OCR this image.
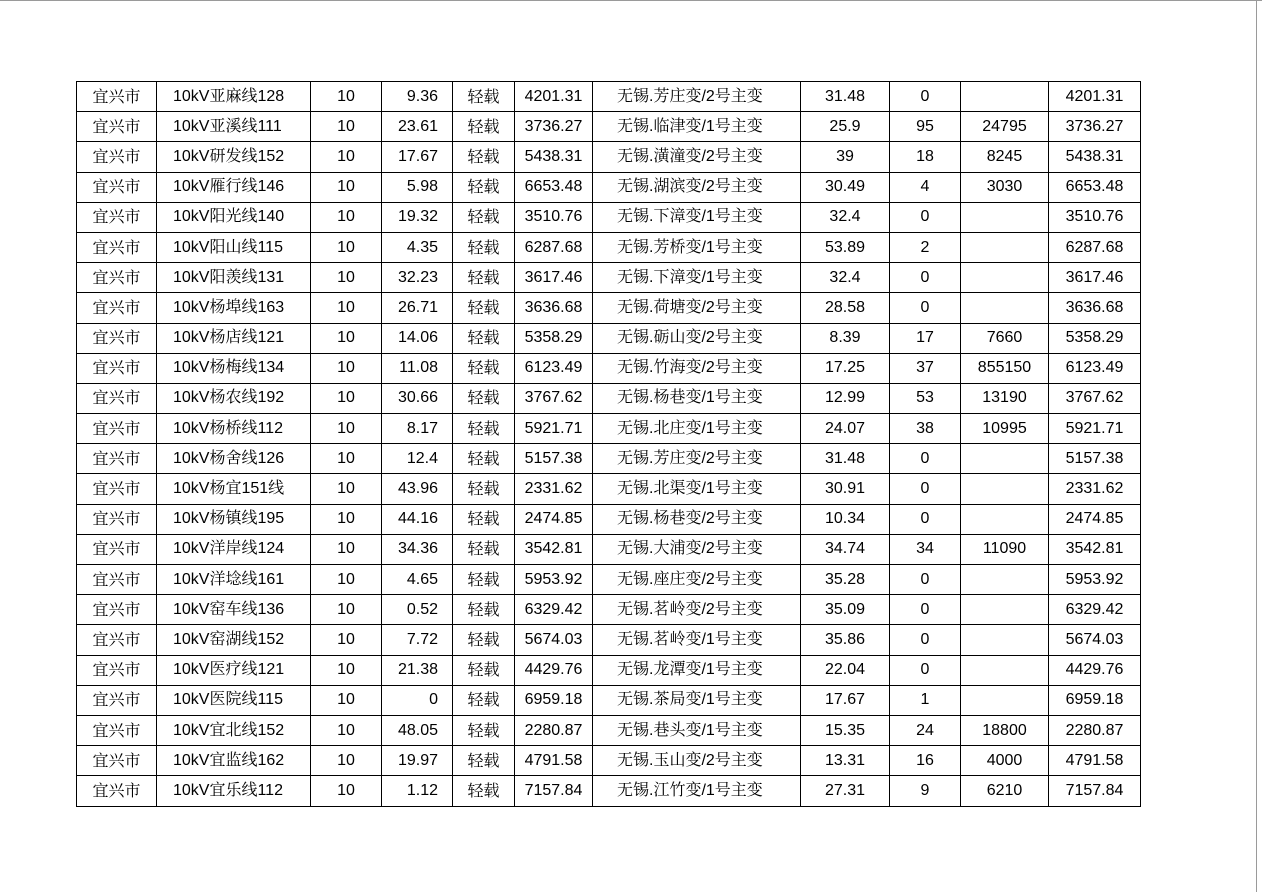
宜兴市	10kV亚麻线128	10	9.36	轻载	4201.31	无锡.芳庄变/2号主变	31.48	0		4201.31
宜兴市	10kV亚溪线111	10	23.61	轻载	3736.27	无锡.临津变/1号主变	25.9	95	24795	3736.27
宜兴市	10kV研发线152	10	17.67	轻载	5438.31	无锡.潢潼变/2号主变	39	18	8245	5438.31
宜兴市	10kV雁行线146	10	5.98	轻载	6653.48	无锡.湖滨变/2号主变	30.49	4	3030	6653.48
宜兴市	10kV阳光线140	10	19.32	轻载	3510.76	无锡.下漳变/1号主变	32.4	0		3510.76
宜兴市	10kV阳山线115	10	4.35	轻载	6287.68	无锡.芳桥变/1号主变	53.89	2		6287.68
宜兴市	10kV阳羡线131	10	32.23	轻载	3617.46	无锡.下漳变/1号主变	32.4	0		3617.46
宜兴市	10kV杨埠线163	10	26.71	轻载	3636.68	无锡.荷塘变/2号主变	28.58	0		3636.68
宜兴市	10kV杨店线121	10	14.06	轻载	5358.29	无锡.砺山变/2号主变	8.39	17	7660	5358.29
宜兴市	10kV杨梅线134	10	11.08	轻载	6123.49	无锡.竹海变/2号主变	17.25	37	855150	6123.49
宜兴市	10kV杨农线192	10	30.66	轻载	3767.62	无锡.杨巷变/1号主变	12.99	53	13190	3767.62
宜兴市	10kV杨桥线112	10	8.17	轻载	5921.71	无锡.北庄变/1号主变	24.07	38	10995	5921.71
宜兴市	10kV杨舍线126	10	12.4	轻载	5157.38	无锡.芳庄变/2号主变	31.48	0		5157.38
宜兴市	10kV杨宜151线	10	43.96	轻载	2331.62	无锡.北渠变/1号主变	30.91	0		2331.62
宜兴市	10kV杨镇线195	10	44.16	轻载	2474.85	无锡.杨巷变/2号主变	10.34	0		2474.85
宜兴市	10kV洋岸线124	10	34.36	轻载	3542.81	无锡.大浦变/2号主变	34.74	34	11090	3542.81
宜兴市	10kV洋埝线161	10	4.65	轻载	5953.92	无锡.座庄变/2号主变	35.28	0		5953.92
宜兴市	10kV窑车线136	10	0.52	轻载	6329.42	无锡.茗岭变/2号主变	35.09	0		6329.42
宜兴市	10kV窑湖线152	10	7.72	轻载	5674.03	无锡.茗岭变/1号主变	35.86	0		5674.03
宜兴市	10kV医疗线121	10	21.38	轻载	4429.76	无锡.龙潭变/1号主变	22.04	0		4429.76
宜兴市	10kV医院线115	10	0	轻载	6959.18	无锡.茶局变/1号主变	17.67	1		6959.18
宜兴市	10kV宜北线152	10	48.05	轻载	2280.87	无锡.巷头变/1号主变	15.35	24	18800	2280.87
宜兴市	10kV宜监线162	10	19.97	轻载	4791.58	无锡.玉山变/2号主变	13.31	16	4000	4791.58
宜兴市	10kV宜乐线112	10	1.12	轻载	7157.84	无锡.江竹变/1号主变	27.31	9	6210	7157.84
